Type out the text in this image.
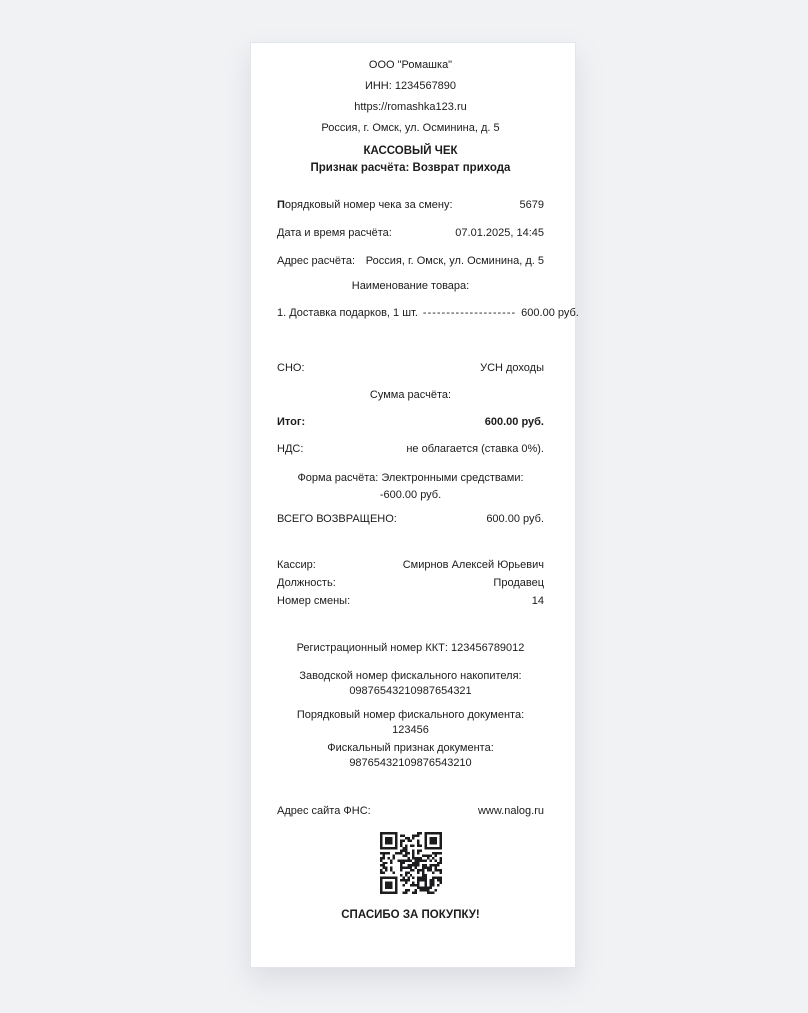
ООО "Ромашка"
ИНН: 1234567890
https://romashka123.ru
Россия, г. Омск, ул. Осминина, д. 5
КАССОВЫЙ ЧЕК
Признак расчёта: Возврат прихода
Порядковый номер чека за смену:	5679
Дата и время расчёта:	07.01.2025, 14:45
Адрес расчёта: Россия, г. Омск, ул. Осминина, д. 5
Наименование товара:
1. Доставка подарков, 1 шт. -------------------- 600.00 руб.
СНО:	УСН доходы
Сумма расчёта:
Итог:	600.00 руб.
НДС:	не облагается (ставка 0%).
Форма расчёта: Электронными средствами:
-600.00 руб.
ВСЕГО ВОЗВРАЩЕНО:	600.00 руб.
Кассир:	Смирнов Алексей Юрьевич
Должность:	Продавец
Номер смены:	14
Регистрационный номер ККТ: 123456789012
Заводской номер фискального накопителя:
09876543210987654321
Порядковый номер фискального документа:
123456
Фискальный признак документа:
98765432109876543210
Адрес сайта ФНС:	www.nalog.ru
СПАСИБО ЗА ПОКУПКУ!
